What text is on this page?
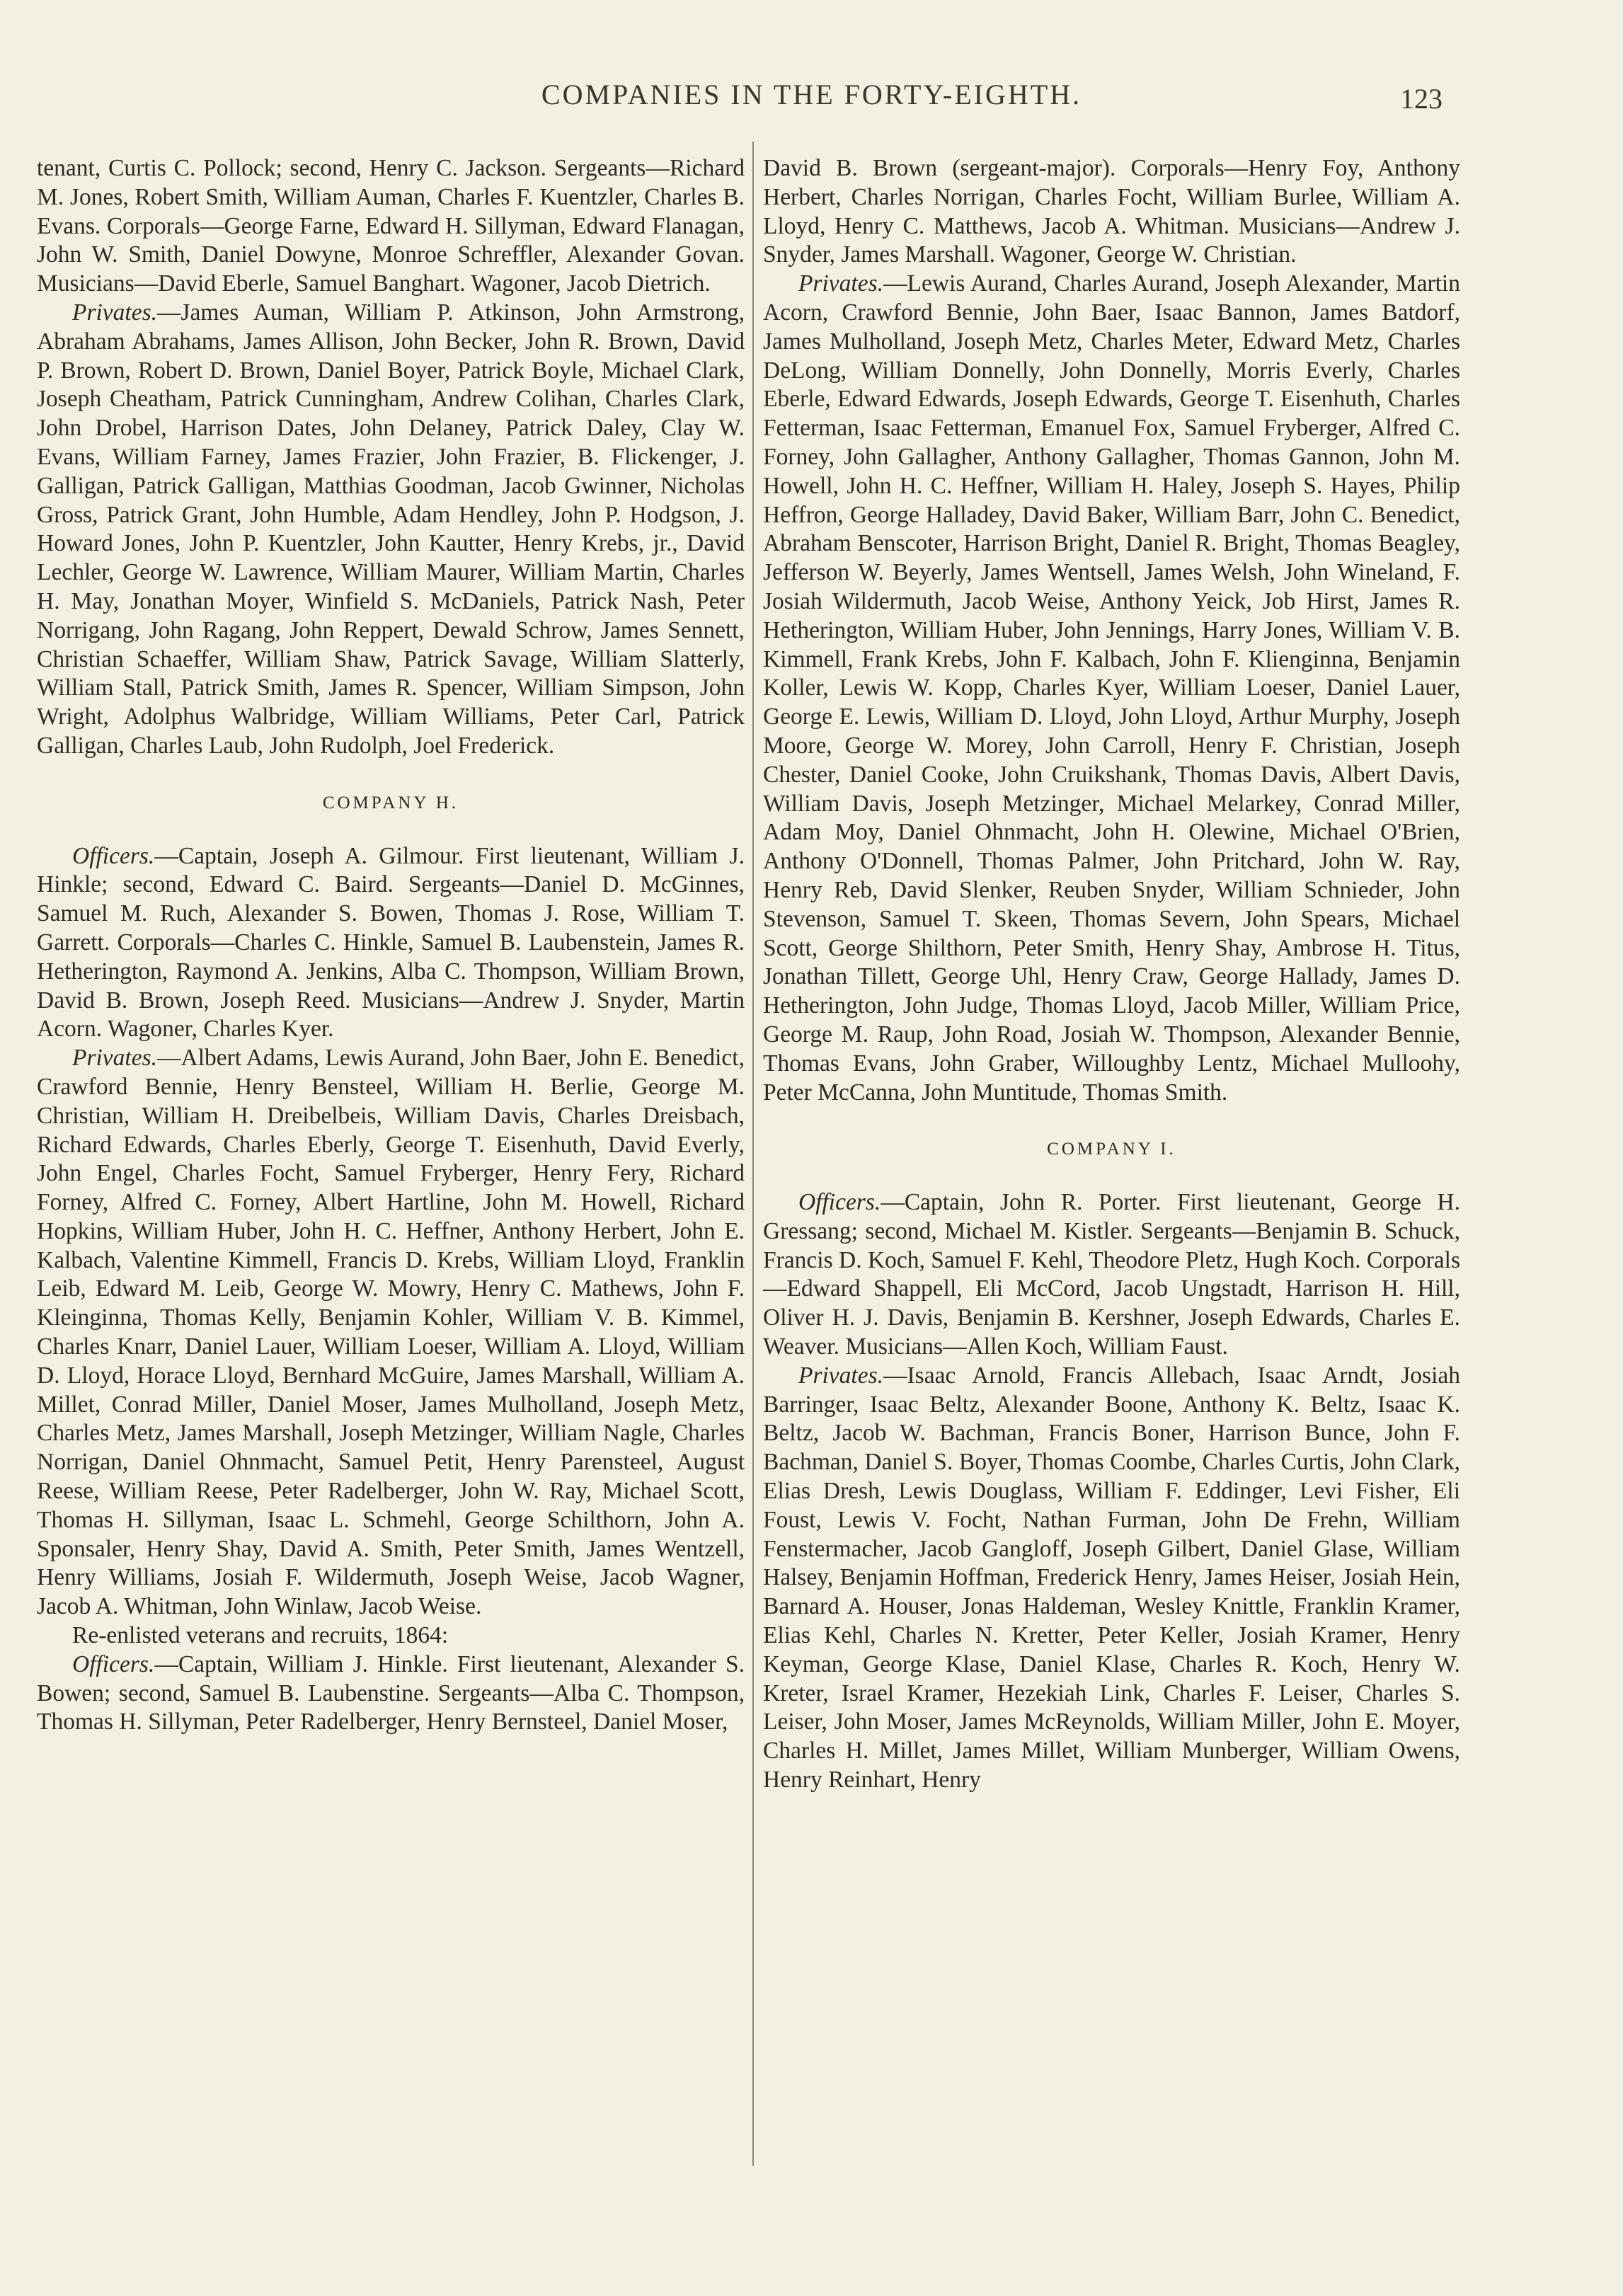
COMPANIES IN THE FORTY-EIGHTH.	123

tenant, Curtis C. Pollock; second, Henry C. Jackson. Sergeants—Richard M. Jones, Robert Smith, William Auman, Charles F. Kuentzler, Charles B. Evans. Corporals—George Farne, Edward H. Sillyman, Edward Flanagan, John W. Smith, Daniel Dowyne, Monroe Schreffler, Alexander Govan. Musicians—David Eberle, Samuel Banghart. Wagoner, Jacob Dietrich.

Privates.—James Auman, William P. Atkinson, John Armstrong, Abraham Abrahams, James Allison, John Becker, John R. Brown, David P. Brown, Robert D. Brown, Daniel Boyer, Patrick Boyle, Michael Clark, Joseph Cheatham, Patrick Cunningham, Andrew Colihan, Charles Clark, John Drobel, Harrison Dates, John Delaney, Patrick Daley, Clay W. Evans, William Farney, James Frazier, John Frazier, B. Flickenger, J. Galligan, Patrick Galligan, Matthias Goodman, Jacob Gwinner, Nicholas Gross, Patrick Grant, John Humble, Adam Hendley, John P. Hodgson, J. Howard Jones, John P. Kuentzler, John Kautter, Henry Krebs, jr., David Lechler, George W. Lawrence, William Maurer, William Martin, Charles H. May, Jonathan Moyer, Winfield S. McDaniels, Patrick Nash, Peter Norrigang, John Ragang, John Reppert, Dewald Schrow, James Sennett, Christian Schaeffer, William Shaw, Patrick Savage, William Slatterly, William Stall, Patrick Smith, James R. Spencer, William Simpson, John Wright, Adolphus Walbridge, William Williams, Peter Carl, Patrick Galligan, Charles Laub, John Rudolph, Joel Frederick.

COMPANY H.

Officers.—Captain, Joseph A. Gilmour. First lieutenant, William J. Hinkle; second, Edward C. Baird. Sergeants—Daniel D. McGinnes, Samuel M. Ruch, Alexander S. Bowen, Thomas J. Rose, William T. Garrett. Corporals—Charles C. Hinkle, Samuel B. Laubenstein, James R. Hetherington, Raymond A. Jenkins, Alba C. Thompson, William Brown, David B. Brown, Joseph Reed. Musicians—Andrew J. Snyder, Martin Acorn. Wagoner, Charles Kyer.

Privates.—Albert Adams, Lewis Aurand, John Baer, John E. Benedict, Crawford Bennie, Henry Bensteel, William H. Berlie, George M. Christian, William H. Dreibelbeis, William Davis, Charles Dreisbach, Richard Edwards, Charles Eberly, George T. Eisenhuth, David Everly, John Engel, Charles Focht, Samuel Fryberger, Henry Fery, Richard Forney, Alfred C. Forney, Albert Hartline, John M. Howell, Richard Hopkins, William Huber, John H. C. Heffner, Anthony Herbert, John E. Kalbach, Valentine Kimmell, Francis D. Krebs, William Lloyd, Franklin Leib, Edward M. Leib, George W. Mowry, Henry C. Mathews, John F. Kleinginna, Thomas Kelly, Benjamin Kohler, William V. B. Kimmel, Charles Knarr, Daniel Lauer, William Loeser, William A. Lloyd, William D. Lloyd, Horace Lloyd, Bernhard McGuire, James Marshall, William A. Millet, Conrad Miller, Daniel Moser, James Mulholland, Joseph Metz, Charles Metz, James Marshall, Joseph Metzinger, William Nagle, Charles Norrigan, Daniel Ohnmacht, Samuel Petit, Henry Parensteel, August Reese, William Reese, Peter Radelberger, John W. Ray, Michael Scott, Thomas H. Sillyman, Isaac L. Schmehl, George Schilthorn, John A. Sponsaler, Henry Shay, David A. Smith, Peter Smith, James Wentzell, Henry Williams, Josiah F. Wildermuth, Joseph Weise, Jacob Wagner, Jacob A. Whitman, John Winlaw, Jacob Weise.

Re-enlisted veterans and recruits, 1864:

Officers.—Captain, William J. Hinkle. First lieutenant, Alexander S. Bowen; second, Samuel B. Laubenstine. Sergeants—Alba C. Thompson, Thomas H. Sillyman, Peter Radelberger, Henry Bernsteel, Daniel Moser,

David B. Brown (sergeant-major). Corporals—Henry Foy, Anthony Herbert, Charles Norrigan, Charles Focht, William Burlee, William A. Lloyd, Henry C. Matthews, Jacob A. Whitman. Musicians—Andrew J. Snyder, James Marshall. Wagoner, George W. Christian.

Privates.—Lewis Aurand, Charles Aurand, Joseph Alexander, Martin Acorn, Crawford Bennie, John Baer, Isaac Bannon, James Batdorf, James Mulholland, Joseph Metz, Charles Meter, Edward Metz, Charles DeLong, William Donnelly, John Donnelly, Morris Everly, Charles Eberle, Edward Edwards, Joseph Edwards, George T. Eisenhuth, Charles Fetterman, Isaac Fetterman, Emanuel Fox, Samuel Fryberger, Alfred C. Forney, John Gallagher, Anthony Gallagher, Thomas Gannon, John M. Howell, John H. C. Heffner, William H. Haley, Joseph S. Hayes, Philip Heffron, George Halladey, David Baker, William Barr, John C. Benedict, Abraham Benscoter, Harrison Bright, Daniel R. Bright, Thomas Beagley, Jefferson W. Beyerly, James Wentsell, James Welsh, John Wineland, F. Josiah Wildermuth, Jacob Weise, Anthony Yeick, Job Hirst, James R. Hetherington, William Huber, John Jennings, Harry Jones, William V. B. Kimmell, Frank Krebs, John F. Kalbach, John F. Klienginna, Benjamin Koller, Lewis W. Kopp, Charles Kyer, William Loeser, Daniel Lauer, George E. Lewis, William D. Lloyd, John Lloyd, Arthur Murphy, Joseph Moore, George W. Morey, John Carroll, Henry F. Christian, Joseph Chester, Daniel Cooke, John Cruikshank, Thomas Davis, Albert Davis, William Davis, Joseph Metzinger, Michael Melarkey, Conrad Miller, Adam Moy, Daniel Ohnmacht, John H. Olewine, Michael O'Brien, Anthony O'Donnell, Thomas Palmer, John Pritchard, John W. Ray, Henry Reb, David Slenker, Reuben Snyder, William Schnieder, John Stevenson, Samuel T. Skeen, Thomas Severn, John Spears, Michael Scott, George Shilthorn, Peter Smith, Henry Shay, Ambrose H. Titus, Jonathan Tillett, George Uhl, Henry Craw, George Hallady, James D. Hetherington, John Judge, Thomas Lloyd, Jacob Miller, William Price, George M. Raup, John Road, Josiah W. Thompson, Alexander Bennie, Thomas Evans, John Graber, Willoughby Lentz, Michael Mulloohy, Peter McCanna, John Muntitude, Thomas Smith.

COMPANY I.

Officers.—Captain, John R. Porter. First lieutenant, George H. Gressang; second, Michael M. Kistler. Sergeants—Benjamin B. Schuck, Francis D. Koch, Samuel F. Kehl, Theodore Pletz, Hugh Koch. Corporals—Edward Shappell, Eli McCord, Jacob Ungstadt, Harrison H. Hill, Oliver H. J. Davis, Benjamin B. Kershner, Joseph Edwards, Charles E. Weaver. Musicians—Allen Koch, William Faust.

Privates.—Isaac Arnold, Francis Allebach, Isaac Arndt, Josiah Barringer, Isaac Beltz, Alexander Boone, Anthony K. Beltz, Isaac K. Beltz, Jacob W. Bachman, Francis Boner, Harrison Bunce, John F. Bachman, Daniel S. Boyer, Thomas Coombe, Charles Curtis, John Clark, Elias Dresh, Lewis Douglass, William F. Eddinger, Levi Fisher, Eli Foust, Lewis V. Focht, Nathan Furman, John De Frehn, William Fenstermacher, Jacob Gangloff, Joseph Gilbert, Daniel Glase, William Halsey, Benjamin Hoffman, Frederick Henry, James Heiser, Josiah Hein, Barnard A. Houser, Jonas Haldeman, Wesley Knittle, Franklin Kramer, Elias Kehl, Charles N. Kretter, Peter Keller, Josiah Kramer, Henry Keyman, George Klase, Daniel Klase, Charles R. Koch, Henry W. Kreter, Israel Kramer, Hezekiah Link, Charles F. Leiser, Charles S. Leiser, John Moser, James McReynolds, William Miller, John E. Moyer, Charles H. Millet, James Millet, William Munberger, William Owens, Henry Reinhart, Henry
